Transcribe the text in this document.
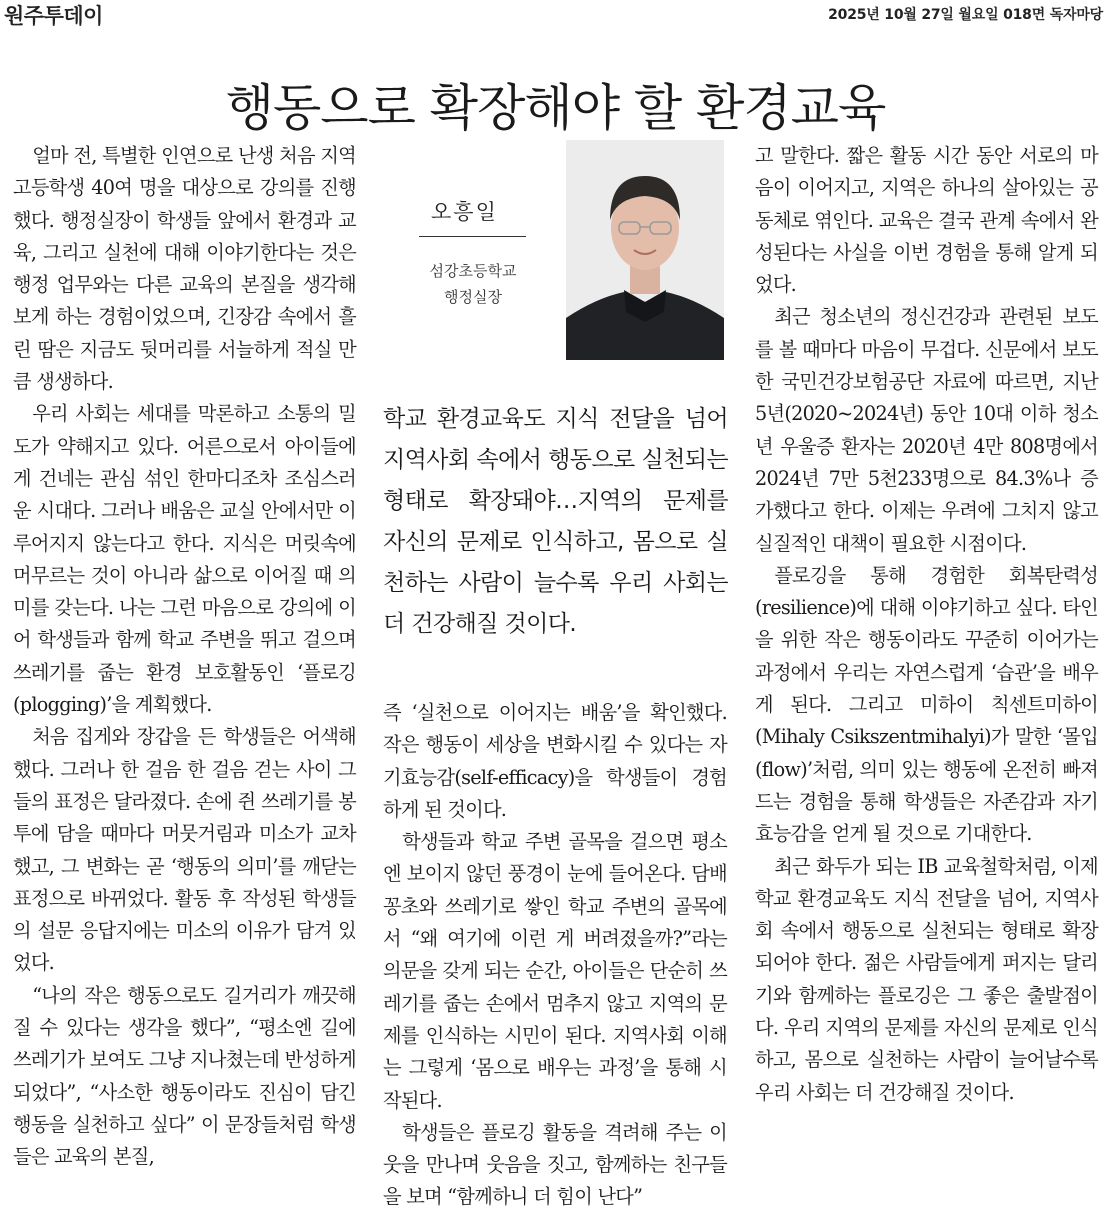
원주투데이	2025년 10월 27일 월요일 018면 독자마당
행동으로 확장해야 할 환경교육

얼마 전, 특별한 인연으로 난생 처음 지역 고등학생 40여 명을 대상으로 강의를 진행했다. 행정실장이 학생들 앞에서 환경과 교육, 그리고 실천에 대해 이야기한다는 것은 행정 업무와는 다른 교육의 본질을 생각해 보게 하는 경험이었으며, 긴장감 속에서 흘린 땀은 지금도 뒷머리를 서늘하게 적실 만큼 생생하다.

우리 사회는 세대를 막론하고 소통의 밀도가 약해지고 있다. 어른으로서 아이들에게 건네는 관심 섞인 한마디조차 조심스러운 시대다. 그러나 배움은 교실 안에서만 이루어지지 않는다고 한다. 지식은 머릿속에 머무르는 것이 아니라 삶으로 이어질 때 의미를 갖는다. 나는 그런 마음으로 강의에 이어 학생들과 함께 학교 주변을 뛰고 걸으며 쓰레기를 줍는 환경 보호활동인 ‘플로깅(plogging)’을 계획했다.

처음 집게와 장갑을 든 학생들은 어색해했다. 그러나 한 걸음 한 걸음 걷는 사이 그들의 표정은 달라졌다. 손에 쥔 쓰레기를 봉투에 담을 때마다 머뭇거림과 미소가 교차했고, 그 변화는 곧 ‘행동의 의미’를 깨닫는 표정으로 바뀌었다. 활동 후 작성된 학생들의 설문 응답지에는 미소의 이유가 담겨 있었다.

“나의 작은 행동으로도 길거리가 깨끗해질 수 있다는 생각을 했다”, “평소엔 길에 쓰레기가 보여도 그냥 지나쳤는데 반성하게 되었다”, “사소한 행동이라도 진심이 담긴 행동을 실천하고 싶다” 이 문장들처럼 학생들은 교육의 본질,

오흥일
섬강초등학교
행정실장
학교 환경교육도 지식 전달을 넘어 지역사회 속에서 행동으로 실천되는 형태로 확장돼야…지역의 문제를 자신의 문제로 인식하고, 몸으로 실천하는 사람이 늘수록 우리 사회는 더 건강해질 것이다.

즉 ‘실천으로 이어지는 배움’을 확인했다. 작은 행동이 세상을 변화시킬 수 있다는 자기효능감(self-efficacy)을 학생들이 경험하게 된 것이다.

학생들과 학교 주변 골목을 걸으면 평소엔 보이지 않던 풍경이 눈에 들어온다. 담배꽁초와 쓰레기로 쌓인 학교 주변의 골목에서 “왜 여기에 이런 게 버려졌을까?”라는 의문을 갖게 되는 순간, 아이들은 단순히 쓰레기를 줍는 손에서 멈추지 않고 지역의 문제를 인식하는 시민이 된다. 지역사회 이해는 그렇게 ‘몸으로 배우는 과정’을 통해 시작된다.

학생들은 플로깅 활동을 격려해 주는 이웃을 만나며 웃음을 짓고, 함께하는 친구들을 보며 “함께하니 더 힘이 난다”

고 말한다. 짧은 활동 시간 동안 서로의 마음이 이어지고, 지역은 하나의 살아있는 공동체로 엮인다. 교육은 결국 관계 속에서 완성된다는 사실을 이번 경험을 통해 알게 되었다.

최근 청소년의 정신건강과 관련된 보도를 볼 때마다 마음이 무겁다. 신문에서 보도한 국민건강보험공단 자료에 따르면, 지난 5년(2020~2024년) 동안 10대 이하 청소년 우울증 환자는 2020년 4만 808명에서 2024년 7만 5천233명으로 84.3%나 증가했다고 한다. 이제는 우려에 그치지 않고 실질적인 대책이 필요한 시점이다.

플로깅을 통해 경험한 회복탄력성(resilience)에 대해 이야기하고 싶다. 타인을 위한 작은 행동이라도 꾸준히 이어가는 과정에서 우리는 자연스럽게 ‘습관’을 배우게 된다. 그리고 미하이 칙센트미하이(Mihaly Csikszentmihalyi)가 말한 ‘몰입(flow)’처럼, 의미 있는 행동에 온전히 빠져드는 경험을 통해 학생들은 자존감과 자기효능감을 얻게 될 것으로 기대한다.

최근 화두가 되는 IB 교육철학처럼, 이제 학교 환경교육도 지식 전달을 넘어, 지역사회 속에서 행동으로 실천되는 형태로 확장되어야 한다. 젊은 사람들에게 퍼지는 달리기와 함께하는 플로깅은 그 좋은 출발점이다. 우리 지역의 문제를 자신의 문제로 인식하고, 몸으로 실천하는 사람이 늘어날수록 우리 사회는 더 건강해질 것이다.
